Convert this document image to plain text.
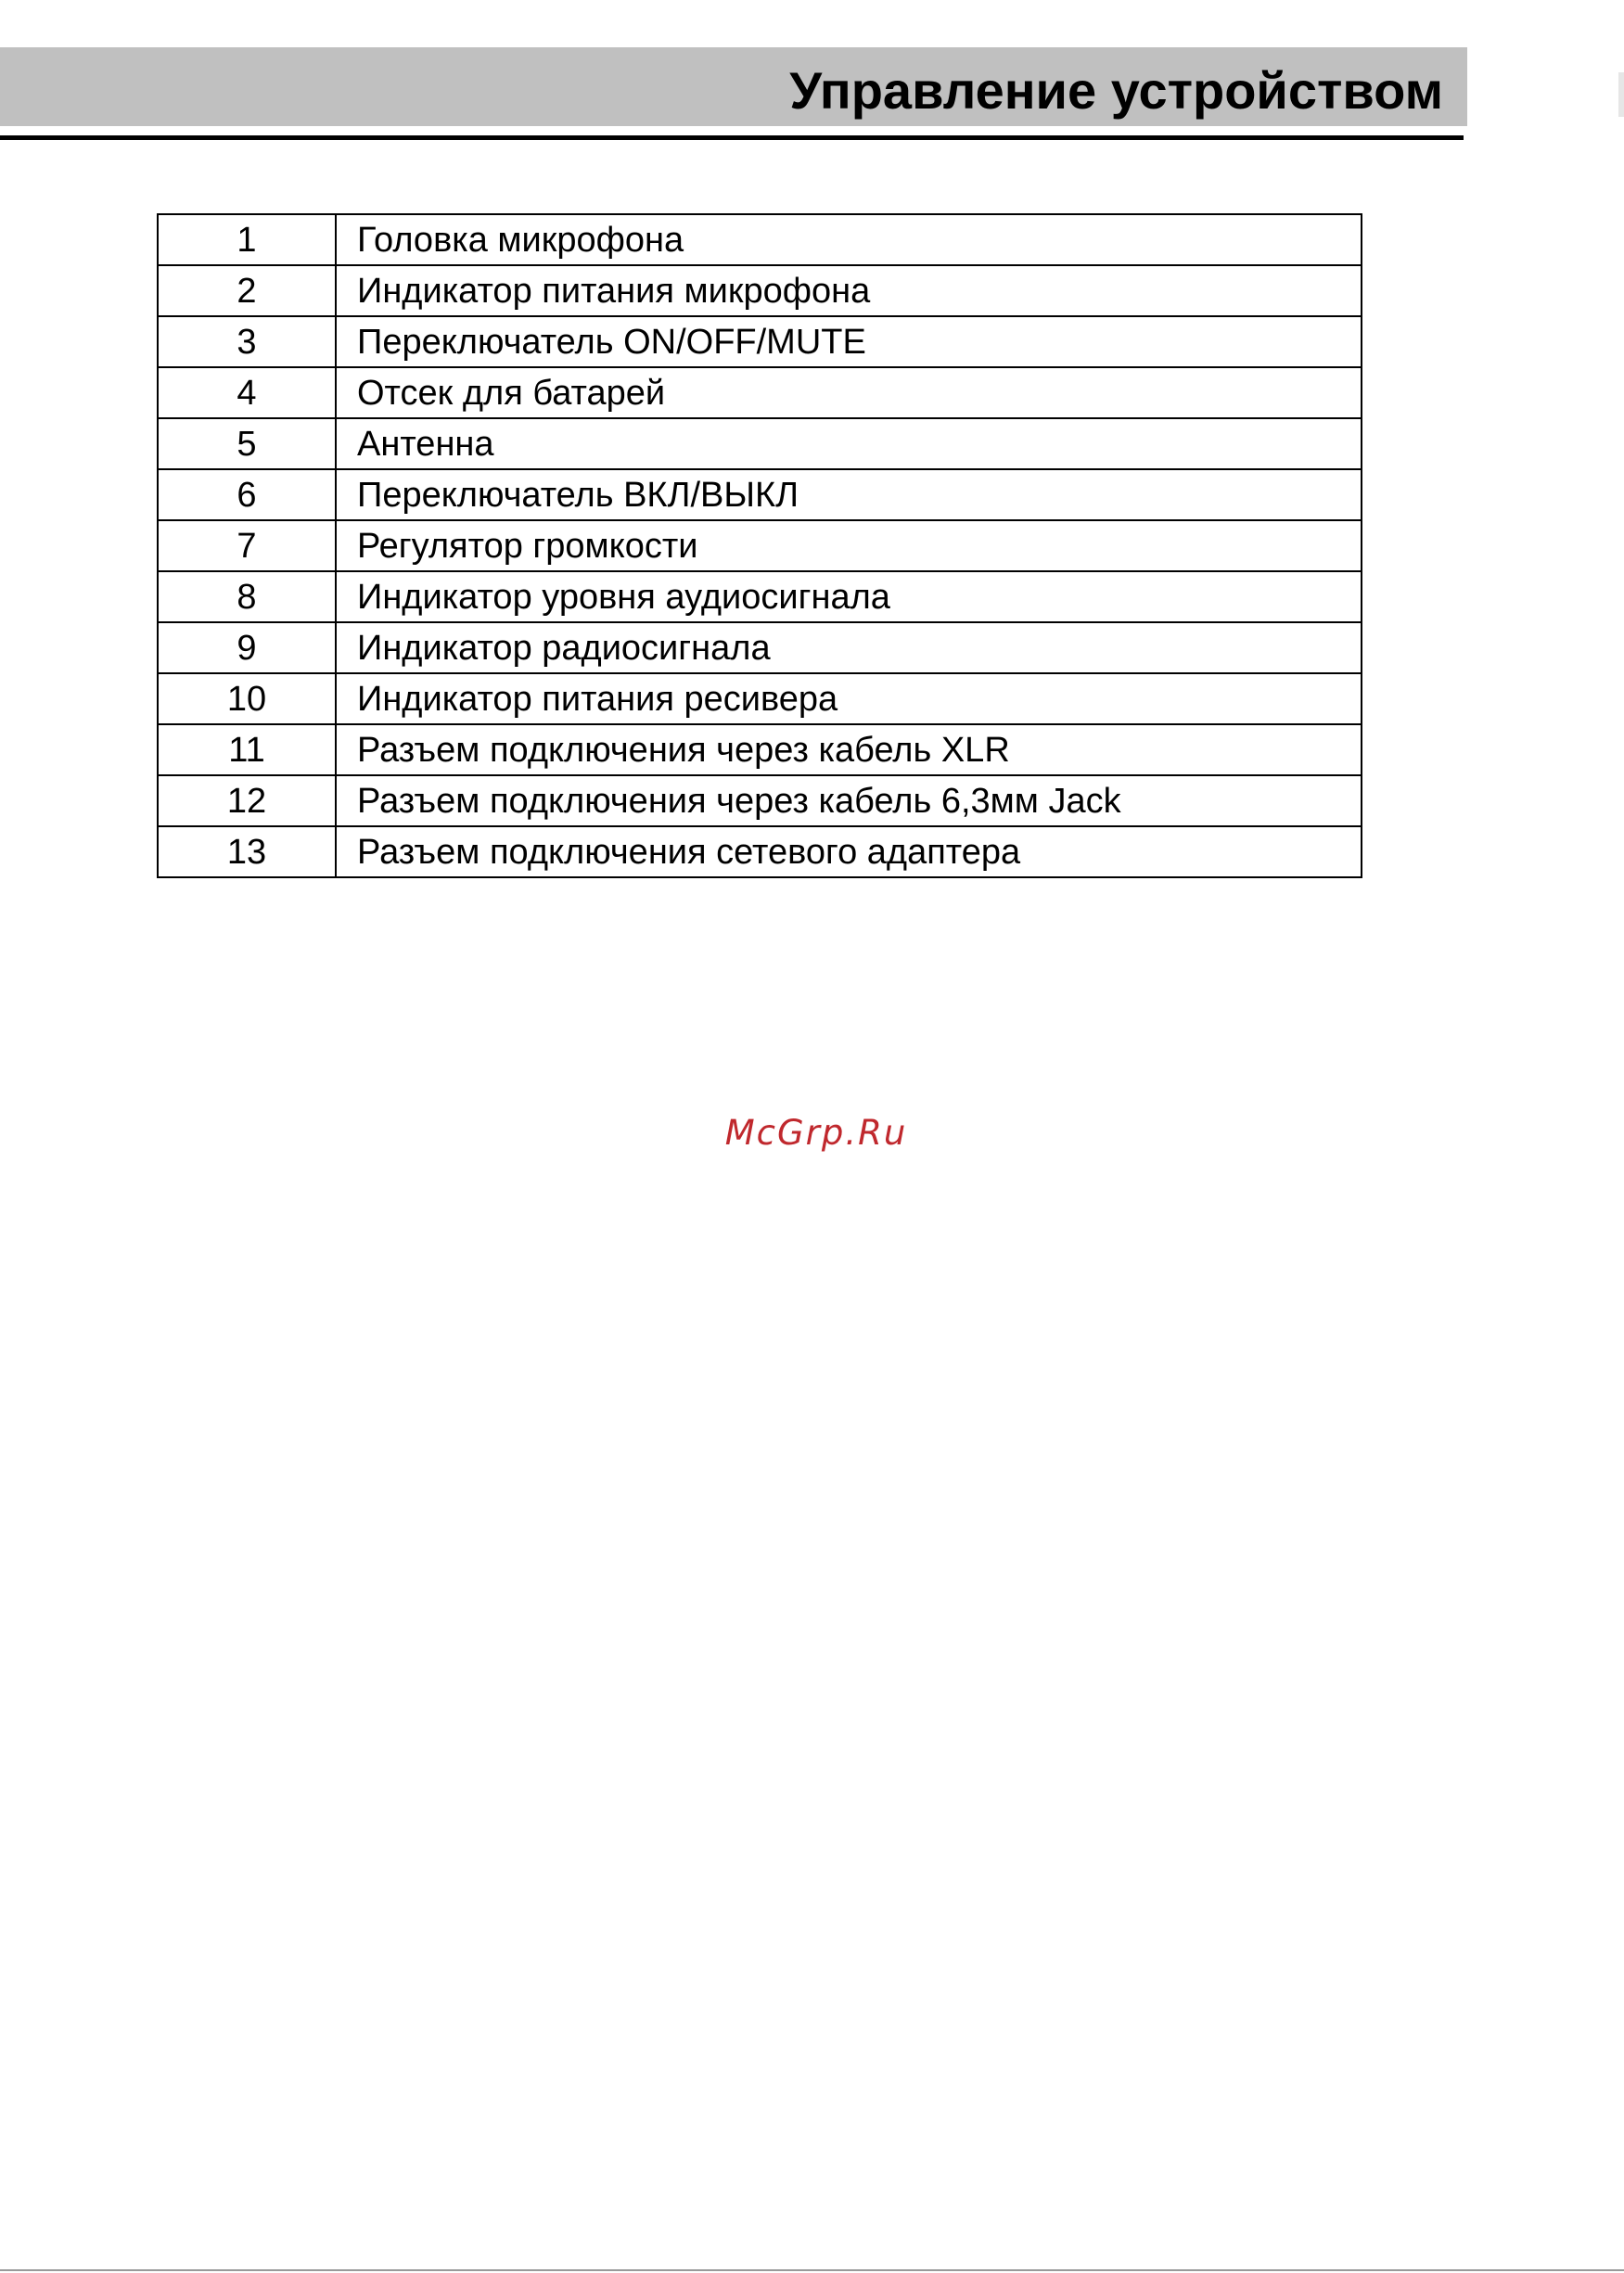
Управление устройством
1	Головка микрофона
2	Индикатор питания микрофона
3	Переключатель ON/OFF/MUTE
4	Отсек для батарей
5	Антенна
6	Переключатель ВКЛ/ВЫКЛ
7	Регулятор громкости
8	Индикатор уровня аудиосигнала
9	Индикатор радиосигнала
10	Индикатор питания ресивера
11	Разъем подключения через кабель XLR
12	Разъем подключения через кабель 6,3мм Jack
13	Разъем подключения сетевого адаптера

McGrp.Ru
